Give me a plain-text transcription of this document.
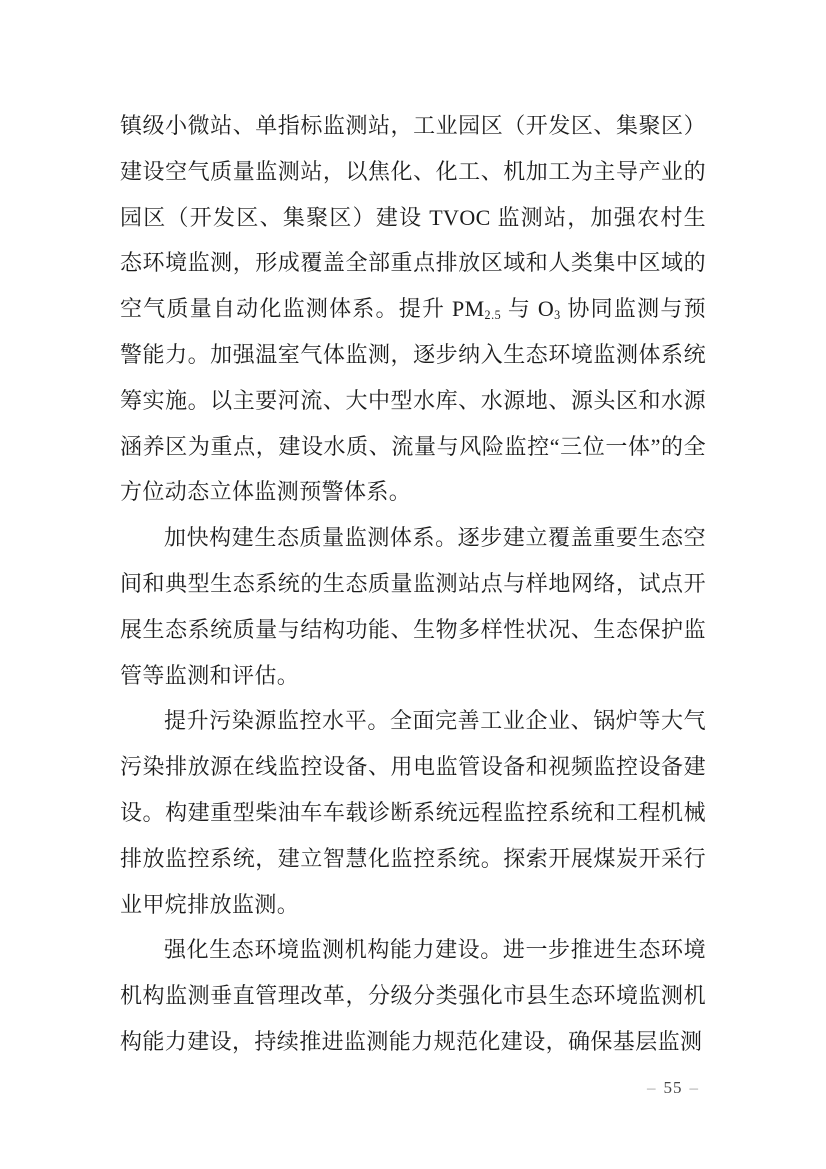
镇级小微站、单指标监测站，工业园区（开发区、集聚区）建设空气质量监测站，以焦化、化工、机加工为主导产业的园区（开发区、集聚区）建设 TVOC 监测站，加强农村生态环境监测，形成覆盖全部重点排放区域和人类集中区域的空气质量自动化监测体系。提升 $PM_{2.5}$ 与 $O_3$ 协同监测与预警能力。加强温室气体监测，逐步纳入生态环境监测体系统筹实施。以主要河流、大中型水库、水源地、源头区和水源涵养区为重点，建设水质、流量与风险监控“三位一体”的全方位动态立体监测预警体系。

加快构建生态质量监测体系。逐步建立覆盖重要生态空间和典型生态系统的生态质量监测站点与样地网络，试点开展生态系统质量与结构功能、生物多样性状况、生态保护监管等监测和评估。

提升污染源监控水平。全面完善工业企业、锅炉等大气污染排放源在线监控设备、用电监管设备和视频监控设备建设。构建重型柴油车车载诊断系统远程监控系统和工程机械排放监控系统，建立智慧化监控系统。探索开展煤炭开采行业甲烷排放监测。

强化生态环境监测机构能力建设。进一步推进生态环境机构监测垂直管理改革，分级分类强化市县生态环境监测机构能力建设，持续推进监测能力规范化建设，确保基层监测

– 55 –
